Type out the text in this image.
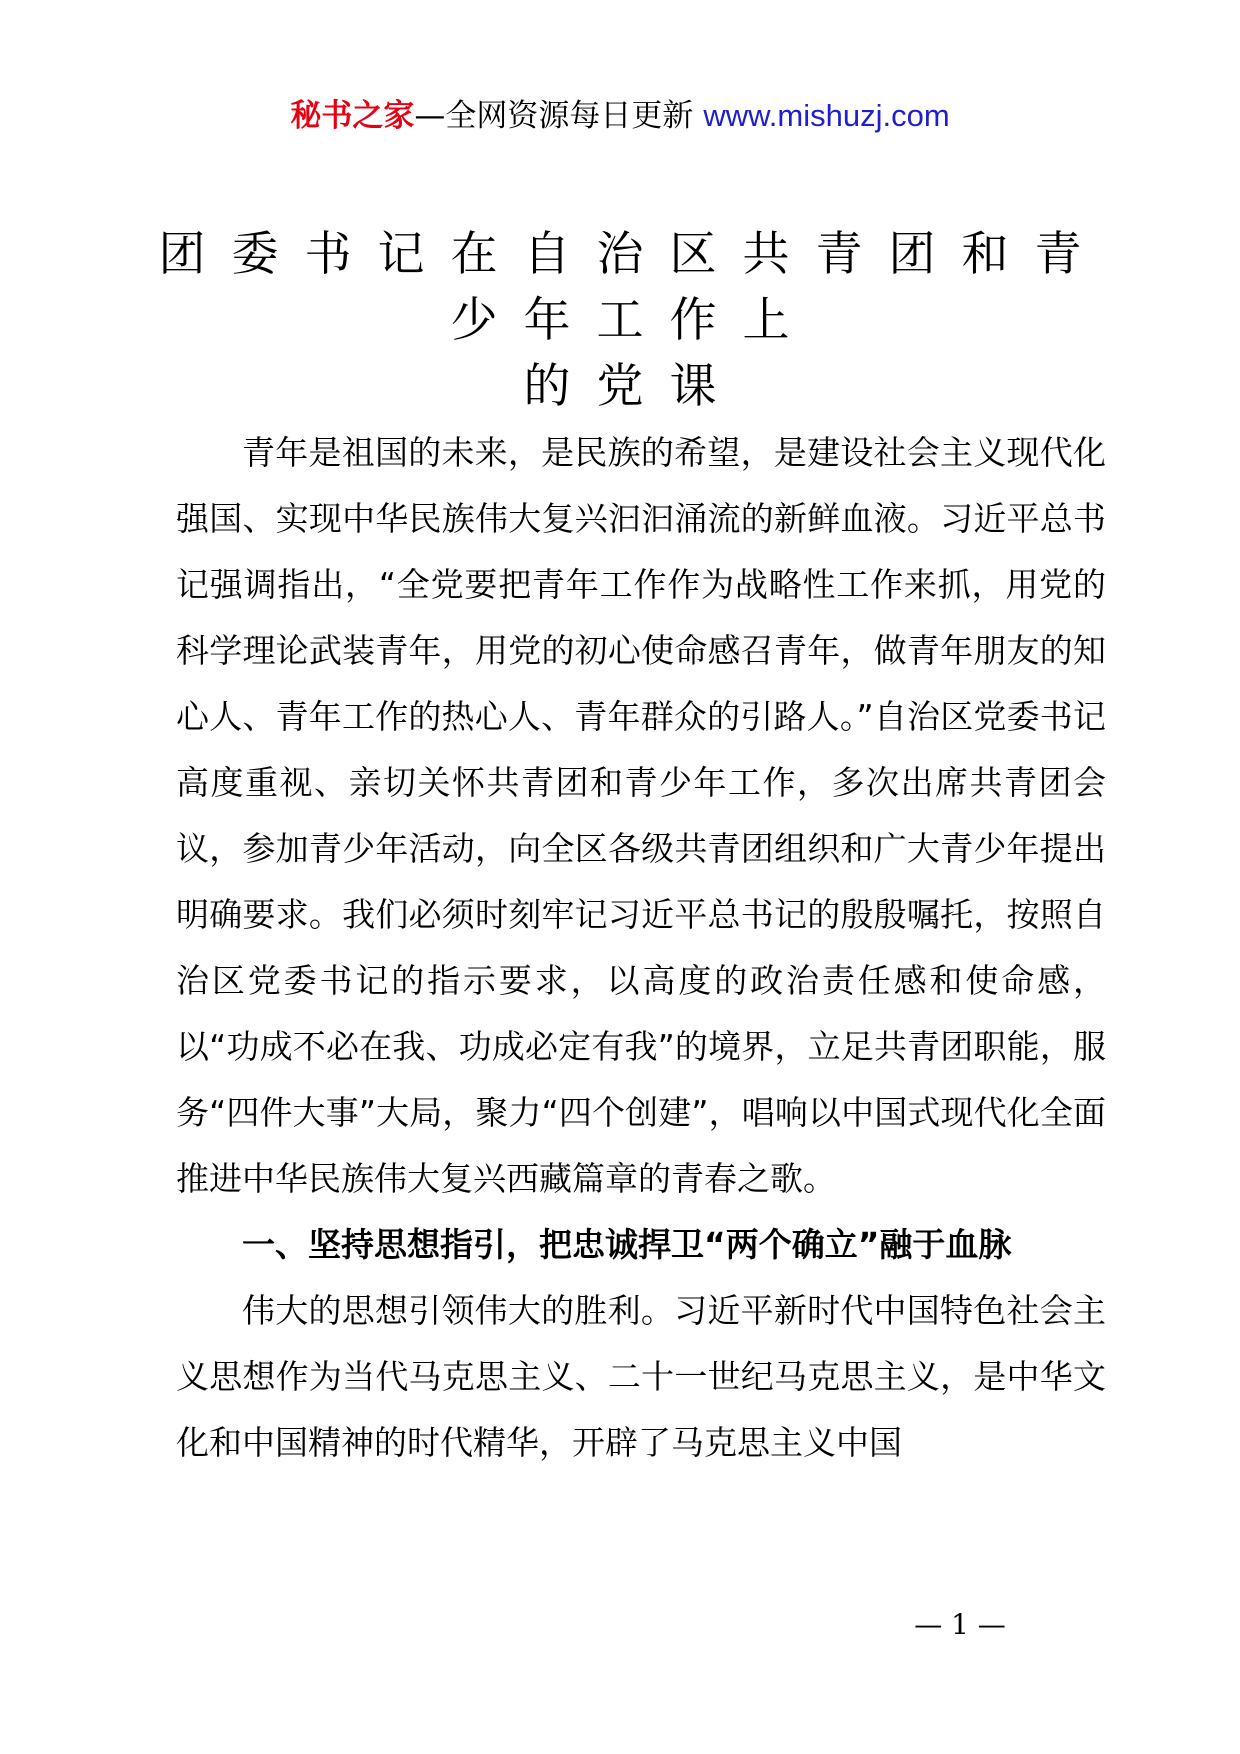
秘书之家—全网资源每日更新 www.mishuzj.com
团委书记在自治区共青团和青
少年工作上
的党课

青年是祖国的未来，是民族的希望，是建设社会主义现代化强国、实现中华民族伟大复兴汩汩涌流的新鲜血液。习近平总书记强调指出，“全党要把青年工作作为战略性工作来抓，用党的科学理论武装青年，用党的初心使命感召青年，做青年朋友的知心人、青年工作的热心人、青年群众的引路人。”自治区党委书记高度重视、亲切关怀共青团和青少年工作，多次出席共青团会议，参加青少年活动，向全区各级共青团组织和广大青少年提出明确要求。我们必须时刻牢记习近平总书记的殷殷嘱托，按照自治区党委书记的指示要求，以高度的政治责任感和使命感，以“功成不必在我、功成必定有我”的境界，立足共青团职能，服务“四件大事”大局，聚力“四个创建”，唱响以中国式现代化全面推进中华民族伟大复兴西藏篇章的青春之歌。

一、坚持思想指引，把忠诚捍卫“两个确立”融于血脉

伟大的思想引领伟大的胜利。习近平新时代中国特色社会主义思想作为当代马克思主义、二十一世纪马克思主义，是中华文化和中国精神的时代精华，开辟了马克思主义中国

— 1 —
